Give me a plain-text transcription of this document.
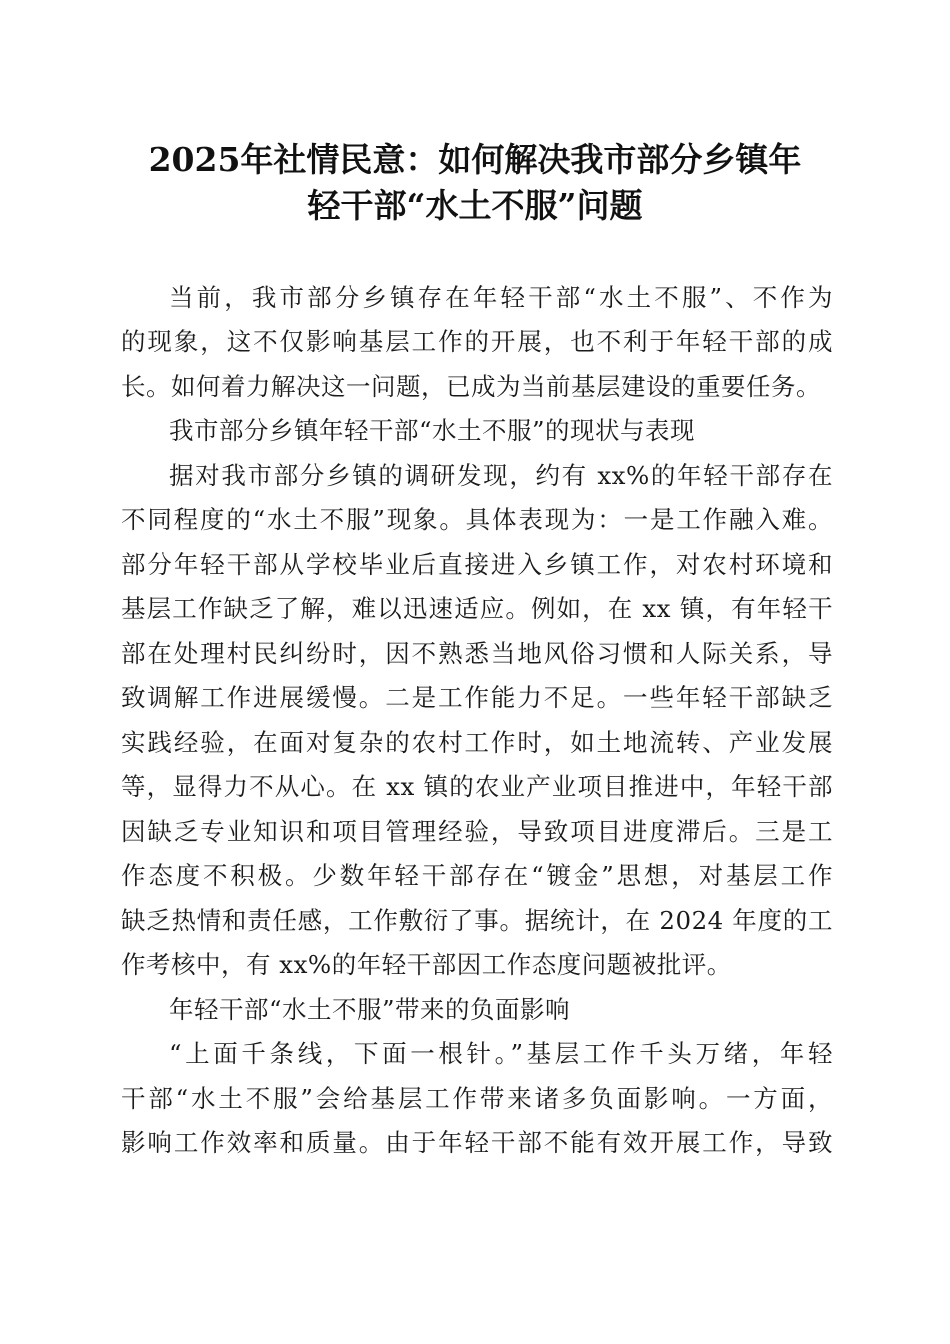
2025年社情民意：如何解决我市部分乡镇年
轻干部“水土不服”问题
当前，我市部分乡镇存在年轻干部“水土不服”、不作为
的现象，这不仅影响基层工作的开展，也不利于年轻干部的成
长。如何着力解决这一问题，已成为当前基层建设的重要任务。
我市部分乡镇年轻干部“水土不服”的现状与表现
据对我市部分乡镇的调研发现，约有 xx%的年轻干部存在
不同程度的“水土不服”现象。具体表现为：一是工作融入难。
部分年轻干部从学校毕业后直接进入乡镇工作，对农村环境和
基层工作缺乏了解，难以迅速适应。例如，在 xx 镇，有年轻干
部在处理村民纠纷时，因不熟悉当地风俗习惯和人际关系，导
致调解工作进展缓慢。二是工作能力不足。一些年轻干部缺乏
实践经验，在面对复杂的农村工作时，如土地流转、产业发展
等，显得力不从心。在 xx 镇的农业产业项目推进中，年轻干部
因缺乏专业知识和项目管理经验，导致项目进度滞后。三是工
作态度不积极。少数年轻干部存在“镀金”思想，对基层工作
缺乏热情和责任感，工作敷衍了事。据统计，在 2024 年度的工
作考核中，有 xx%的年轻干部因工作态度问题被批评。
年轻干部“水土不服”带来的负面影响
“上面千条线，下面一根针。”基层工作千头万绪，年轻
干部“水土不服”会给基层工作带来诸多负面影响。一方面，
影响工作效率和质量。由于年轻干部不能有效开展工作，导致
